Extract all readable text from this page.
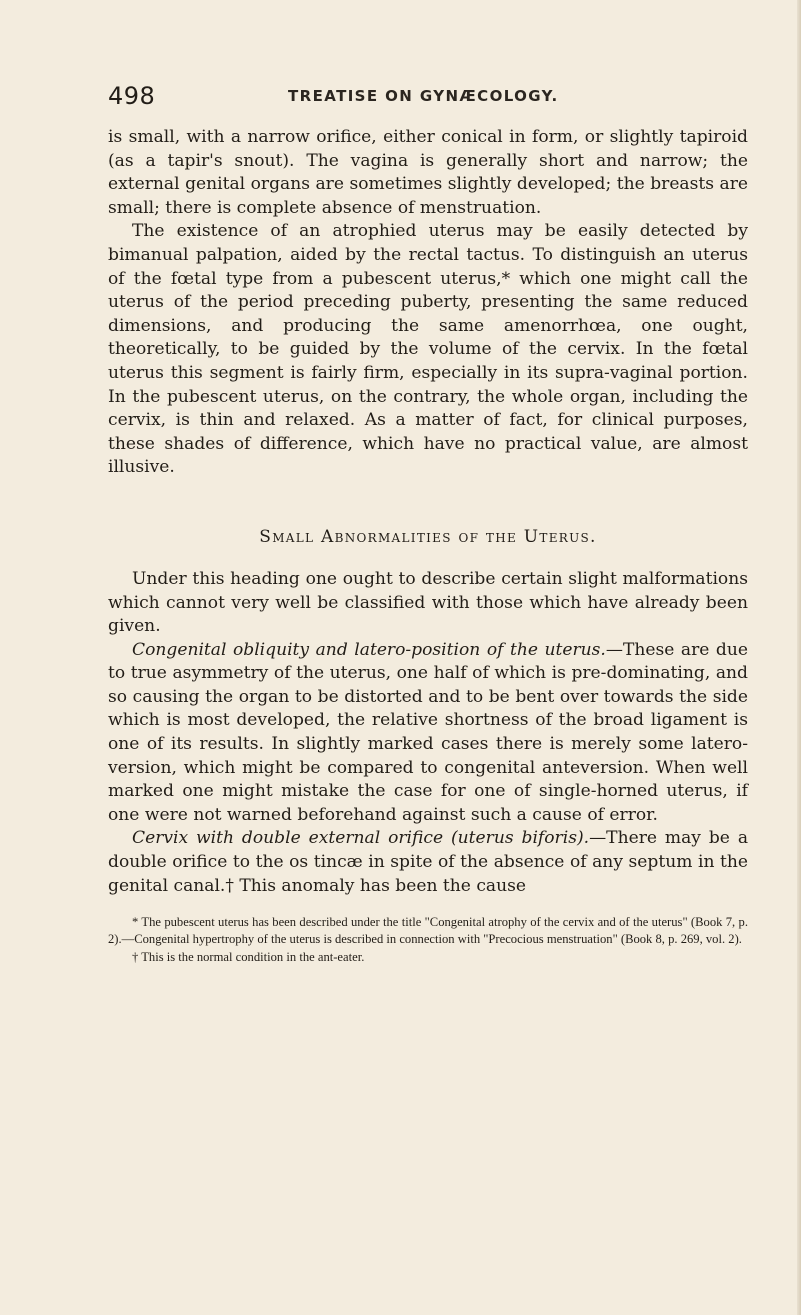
498	TREATISE ON GYNÆCOLOGY.

is small, with a narrow orifice, either conical in form, or slightly tapiroid (as a tapir's snout). The vagina is generally short and narrow; the external genital organs are sometimes slightly developed; the breasts are small; there is complete absence of menstruation.

The existence of an atrophied uterus may be easily detected by bimanual palpation, aided by the rectal tactus. To distinguish an uterus of the fœtal type from a pubescent uterus,* which one might call the uterus of the period preceding puberty, presenting the same reduced dimensions, and producing the same amenorrhœa, one ought, theoretically, to be guided by the volume of the cervix. In the fœtal uterus this segment is fairly firm, especially in its supra-vaginal portion. In the pubescent uterus, on the contrary, the whole organ, including the cervix, is thin and relaxed. As a matter of fact, for clinical purposes, these shades of difference, which have no practical value, are almost illusive.

Small Abnormalities of the Uterus.

Under this heading one ought to describe certain slight malformations which cannot very well be classified with those which have already been given.

Congenital obliquity and latero-position of the uterus.—These are due to true asymmetry of the uterus, one half of which is pre-dominating, and so causing the organ to be distorted and to be bent over towards the side which is most developed, the relative shortness of the broad ligament is one of its results. In slightly marked cases there is merely some latero-version, which might be compared to congenital anteversion. When well marked one might mistake the case for one of single-horned uterus, if one were not warned beforehand against such a cause of error.

Cervix with double external orifice (uterus biforis).—There may be a double orifice to the os tincæ in spite of the absence of any septum in the genital canal.† This anomaly has been the cause

* The pubescent uterus has been described under the title "Congenital atrophy of the cervix and of the uterus" (Book 7, p. 2).—Congenital hypertrophy of the uterus is described in connection with "Precocious menstruation" (Book 8, p. 269, vol. 2).

† This is the normal condition in the ant-eater.
